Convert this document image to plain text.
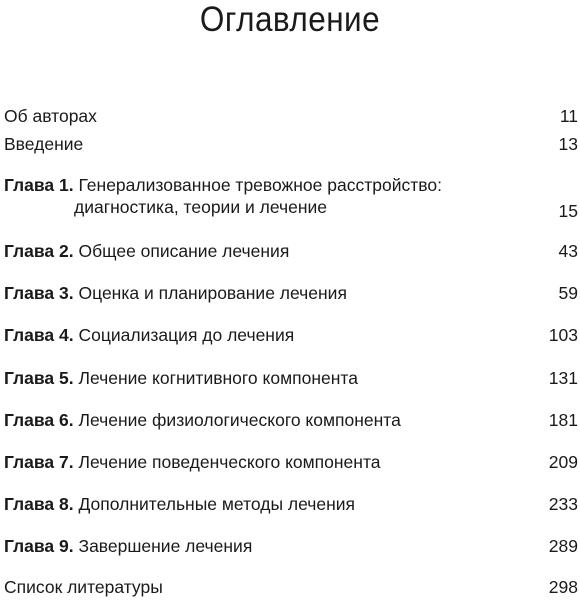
Оглавление
Об авторах	11
Введение	13
Глава 1. Генерализованное тревожное расстройство:
диагностика, теории и лечение	15
Глава 2. Общее описание лечения	43
Глава 3. Оценка и планирование лечения	59
Глава 4. Социализация до лечения	103
Глава 5. Лечение когнитивного компонента	131
Глава 6. Лечение физиологического компонента	181
Глава 7. Лечение поведенческого компонента	209
Глава 8. Дополнительные методы лечения	233
Глава 9. Завершение лечения	289
Список литературы	298
